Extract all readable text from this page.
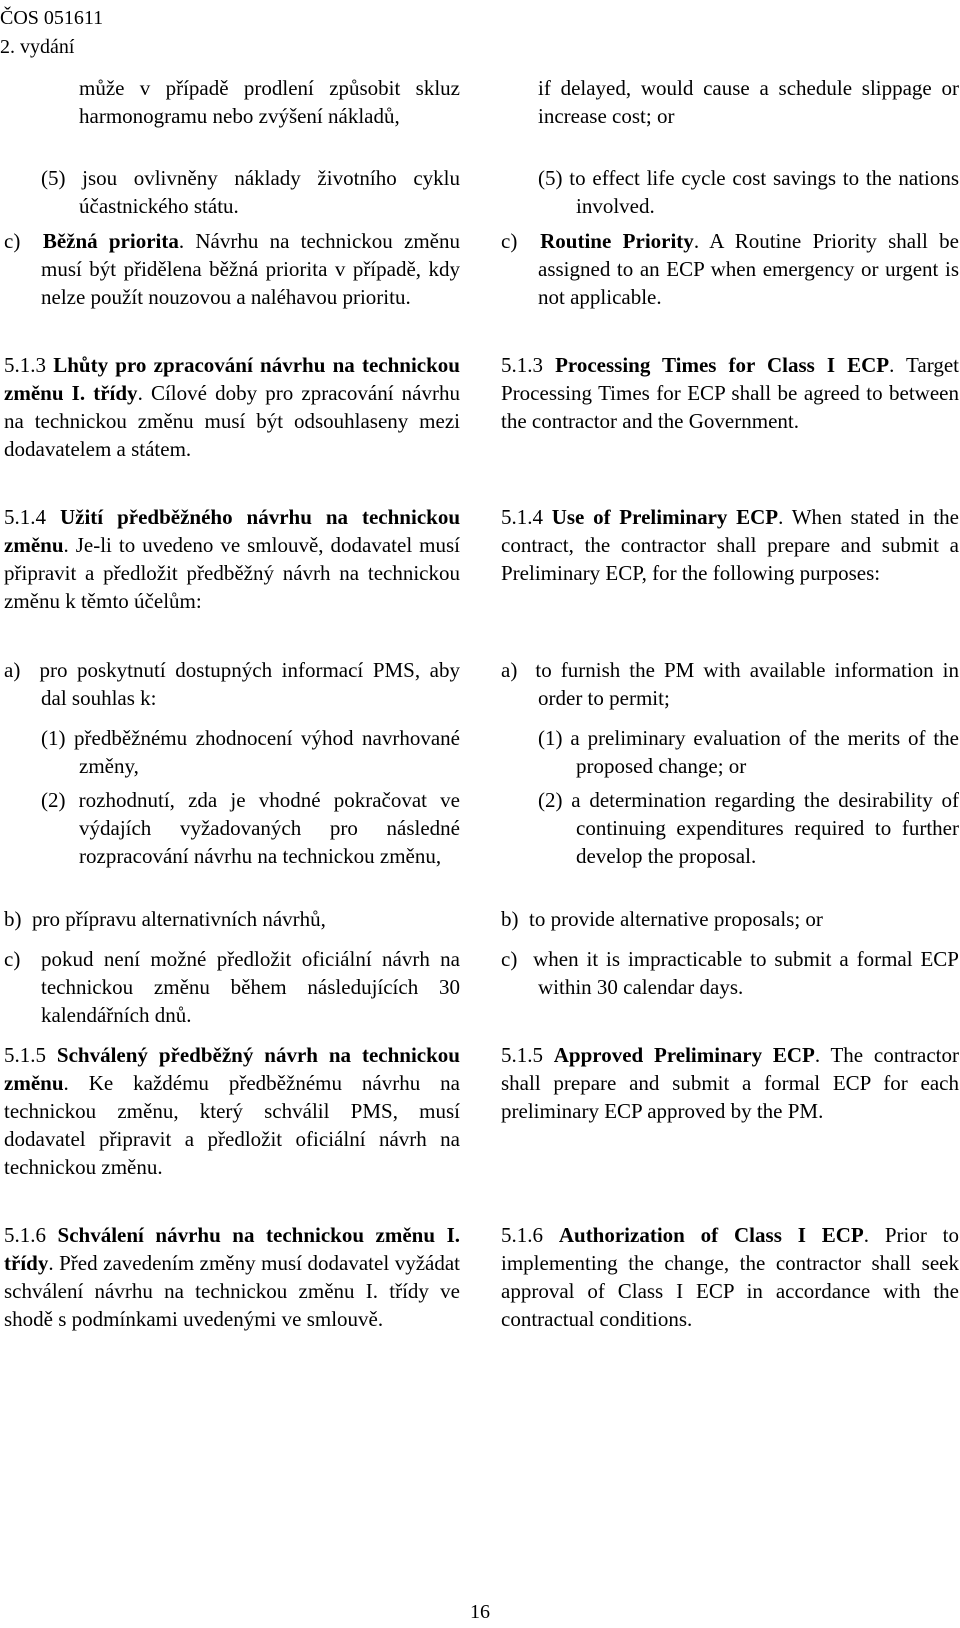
ČOS 051611
2. vydání

může v případě prodlení způsobit skluz harmonogramu nebo zvýšení nákladů,

(5) jsou ovlivněny náklady životního cyklu účastnického státu.

c) Běžná priorita. Návrhu na technickou změnu musí být přidělena běžná priorita v případě, kdy nelze použít nouzovou a naléhavou prioritu.

5.1.3 Lhůty pro zpracování návrhu na technickou změnu I. třídy. Cílové doby pro zpracování návrhu na technickou změnu musí být odsouhlaseny mezi dodavatelem a státem.

5.1.4 Užití předběžného návrhu na technickou změnu. Je-li to uvedeno ve smlouvě, dodavatel musí připravit a předložit předběžný návrh na technickou změnu k těmto účelům:

a) pro poskytnutí dostupných informací PMS, aby dal souhlas k:

(1) předběžnému zhodnocení výhod navrhované změny,

(2) rozhodnutí, zda je vhodné pokračovat ve výdajích vyžadovaných pro následné rozpracování návrhu na technickou změnu,

b) pro přípravu alternativních návrhů,

c) pokud není možné předložit oficiální návrh na technickou změnu během následujících 30 kalendářních dnů.

5.1.5 Schválený předběžný návrh na technickou změnu. Ke každému předběžnému návrhu na technickou změnu, který schválil PMS, musí dodavatel připravit a předložit oficiální návrh na technickou změnu.

5.1.6 Schválení návrhu na technickou změnu I. třídy. Před zavedením změny musí dodavatel vyžádat schválení návrhu na technickou změnu I. třídy ve shodě s podmínkami uvedenými ve smlouvě.

if delayed, would cause a schedule slippage or increase cost; or

(5) to effect life cycle cost savings to the nations involved.

c) Routine Priority. A Routine Priority shall be assigned to an ECP when emergency or urgent is not applicable.

5.1.3 Processing Times for Class I ECP. Target Processing Times for ECP shall be agreed to between the contractor and the Government.

5.1.4 Use of Preliminary ECP. When stated in the contract, the contractor shall prepare and submit a Preliminary ECP, for the following purposes:

a) to furnish the PM with available information in order to permit;

(1) a preliminary evaluation of the merits of the proposed change; or

(2) a determination regarding the desirability of continuing expenditures required to further develop the proposal.

b) to provide alternative proposals; or

c) when it is impracticable to submit a formal ECP within 30 calendar days.

5.1.5 Approved Preliminary ECP. The contractor shall prepare and submit a formal ECP for each preliminary ECP approved by the PM.

5.1.6 Authorization of Class I ECP. Prior to implementing the change, the contractor shall seek approval of Class I ECP in accordance with the contractual conditions.

16
